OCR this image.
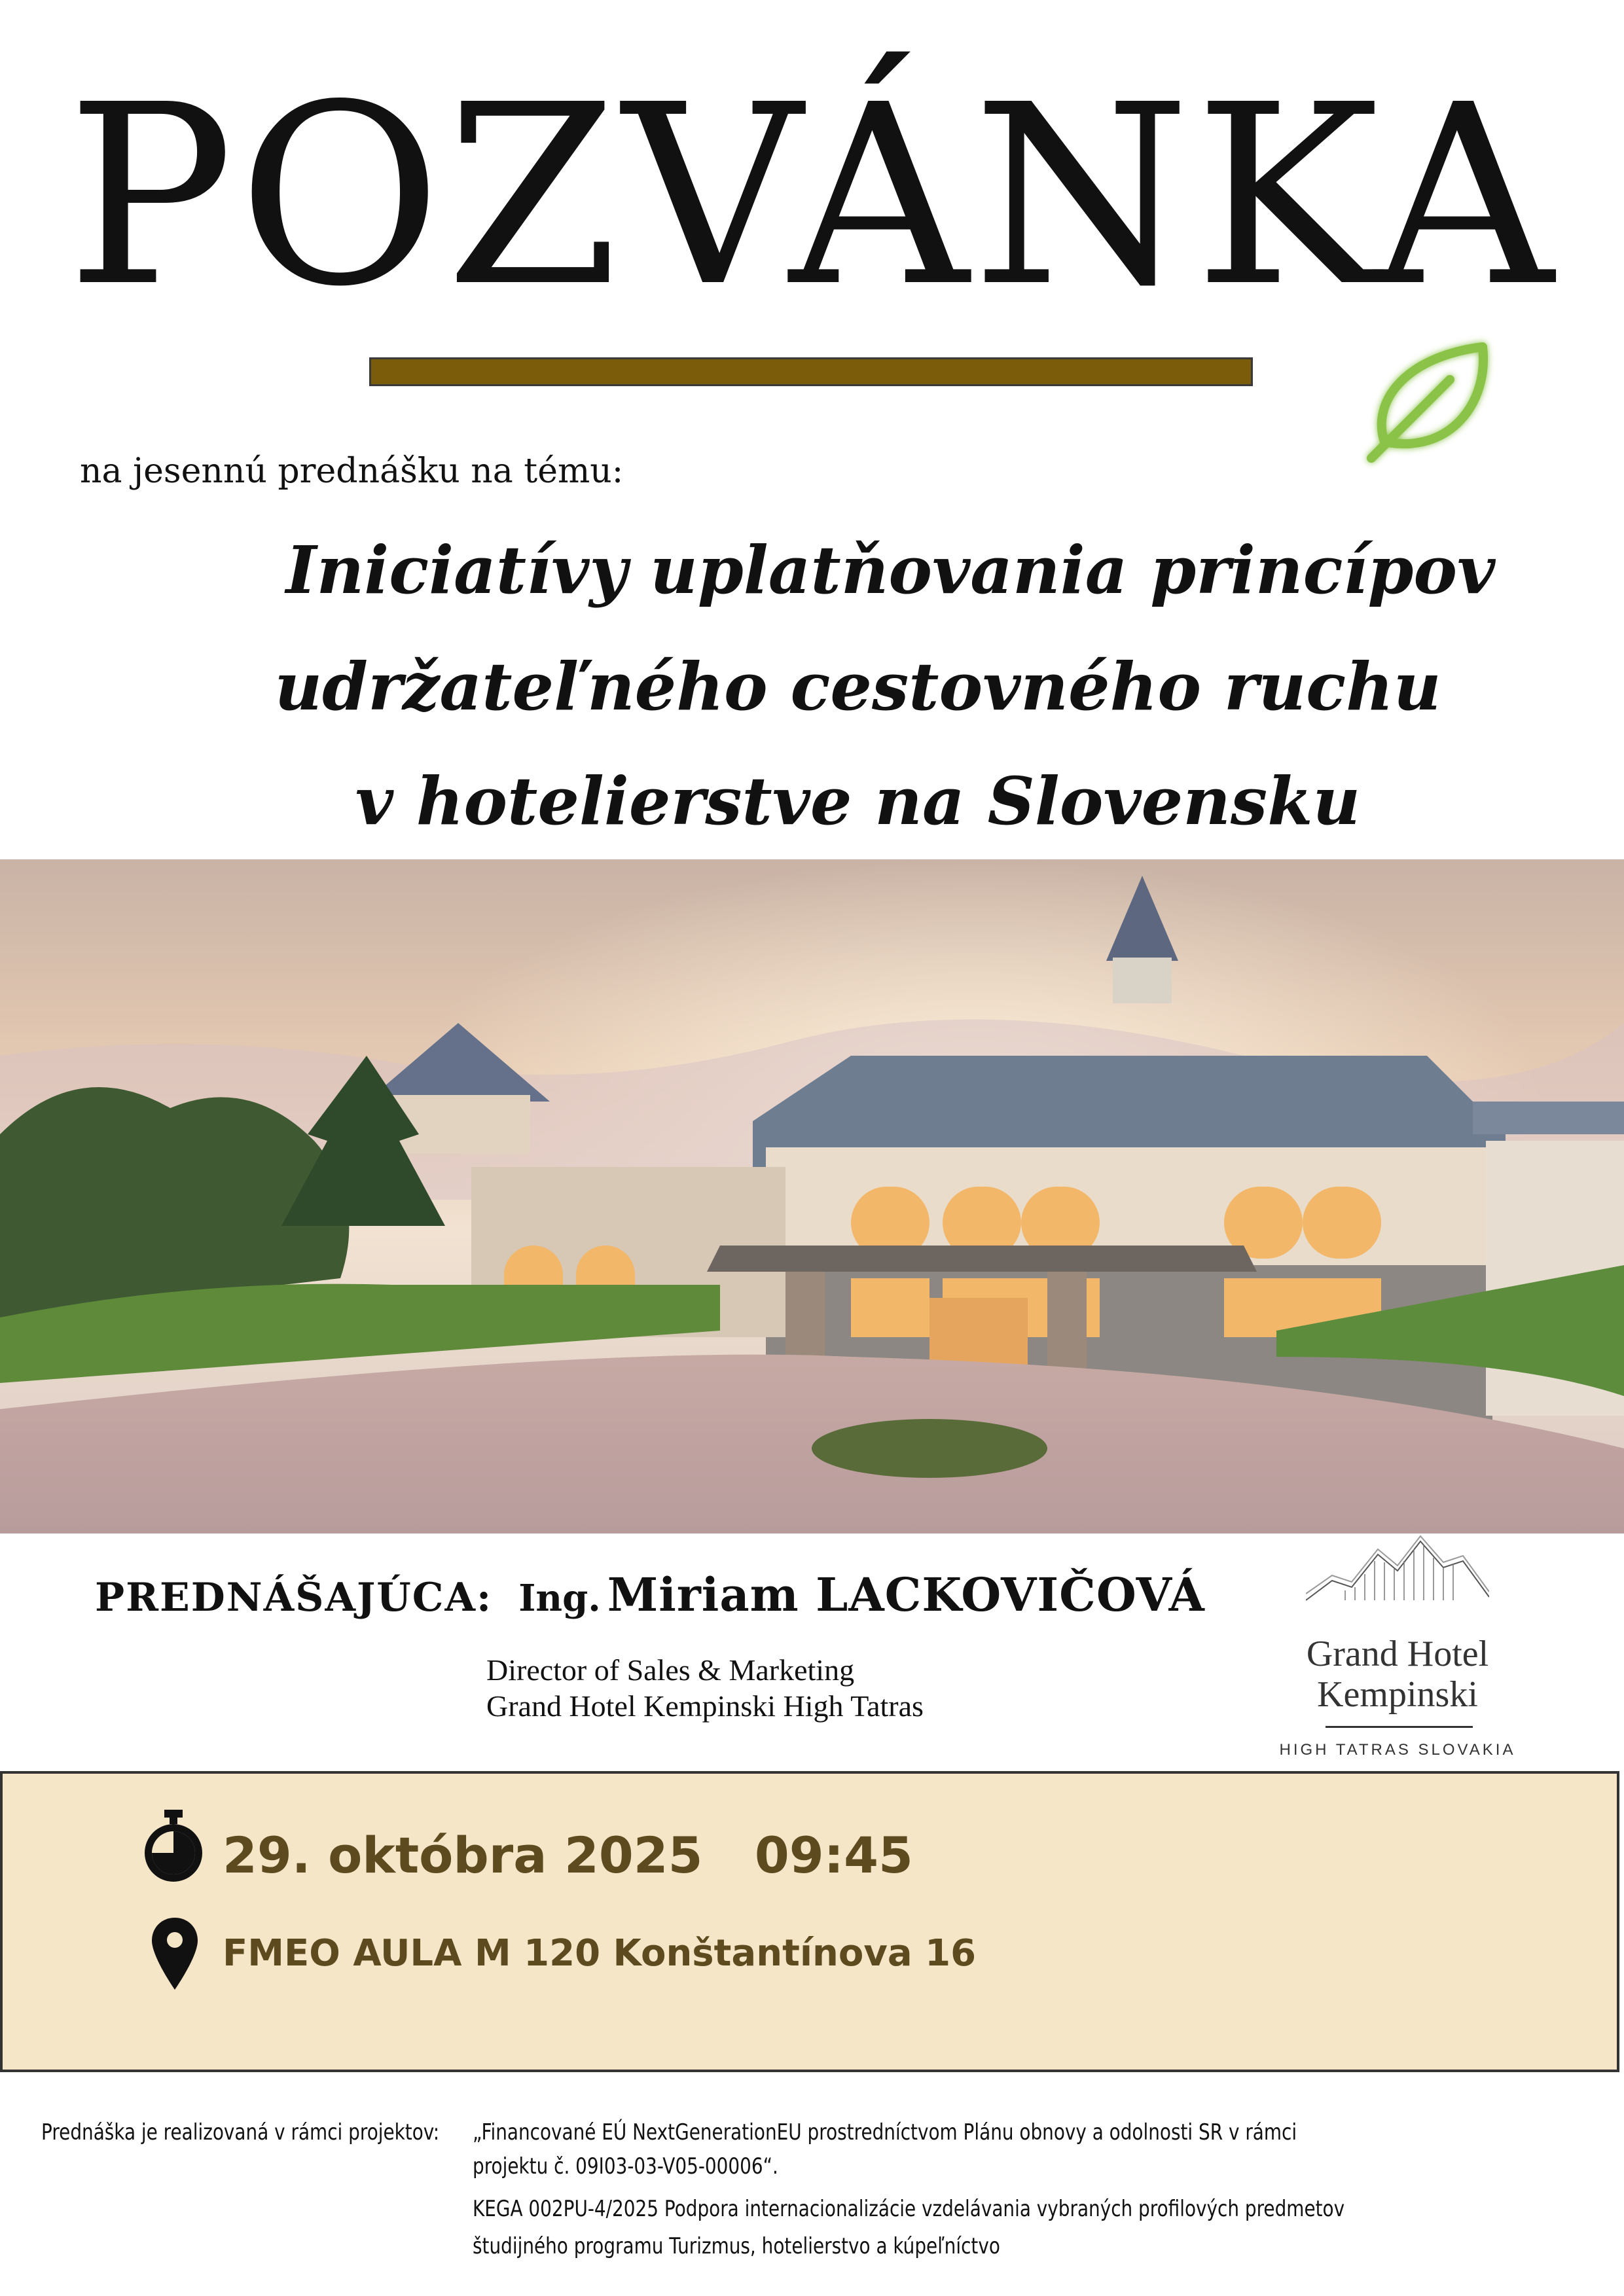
POZVÁNKA
na jesennú prednášku na tému:
Iniciatívy uplatňovania princípov
udržateľného cestovného ruchu
v hotelierstve na Slovensku
PREDNÁŠAJÚCA: Ing. Miriam LACKOVIČOVÁ
Director of Sales & Marketing
Grand Hotel Kempinski High Tatras
Grand Hotel
Kempinski
HIGH TATRAS SLOVAKIA
29. októbra 2025   09:45
FMEO AULA M 120 Konštantínova 16
Prednáška je realizovaná v rámci projektov: „Financované EÚ NextGenerationEU prostredníctvom Plánu obnovy a odolnosti SR v rámci
projektu č. 09I03-03-V05-00006“.
KEGA 002PU-4/2025 Podpora internacionalizácie vzdelávania vybraných profilových predmetov
študijného programu Turizmus, hotelierstvo a kúpeľníctvo
